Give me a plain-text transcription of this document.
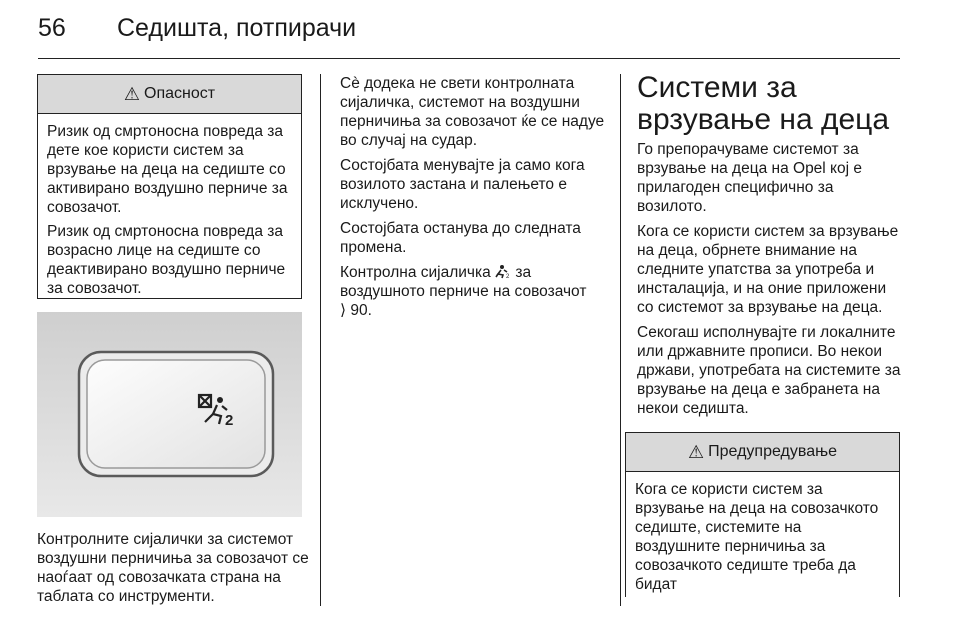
56 Седишта, потпирачи
⚠ Опасност

Ризик од смртоносна повреда за дете кое користи систем за врзување на деца на седиште со активирано воздушно перниче за совозачот.

Ризик од смртоносна повреда за возрасно лице на седиште со деактивирано воздушно перниче за совозачот.

2

Контролните сијалички за системот воздушни перничиња за совозачот се наоѓаат од совозачката страна на таблата со инструменти.

Сè додека не свети контролната сијаличка, системот на воздушни перничиња за совозачот ќе се надуе во случај на судар.

Состојбата менувајте ја само кога возилото застана и палењето е исклучено.

Состојбата останува до следната промена.

Контролна сијаличка	2 за воздушното перниче на совозачот
⟩ 90.

Системи за врзување на деца

Го препорачуваме системот за врзување на деца на Opel кој е прилагоден специфично за возилото.

Кога се користи систем за врзување на деца, обрнете внимание на следните упатства за употреба и инсталација, и на оние приложени со системот за врзување на деца.

Секогаш исполнувајте ги локалните или државните прописи. Во некои држави, употребата на системите за врзување на деца е забранета на некои седишта.

⚠ Предупредување

Кога се користи систем за врзување на деца на совозачкото седиште, системите на воздушните перничиња за совозачкото седиште треба да бидат
